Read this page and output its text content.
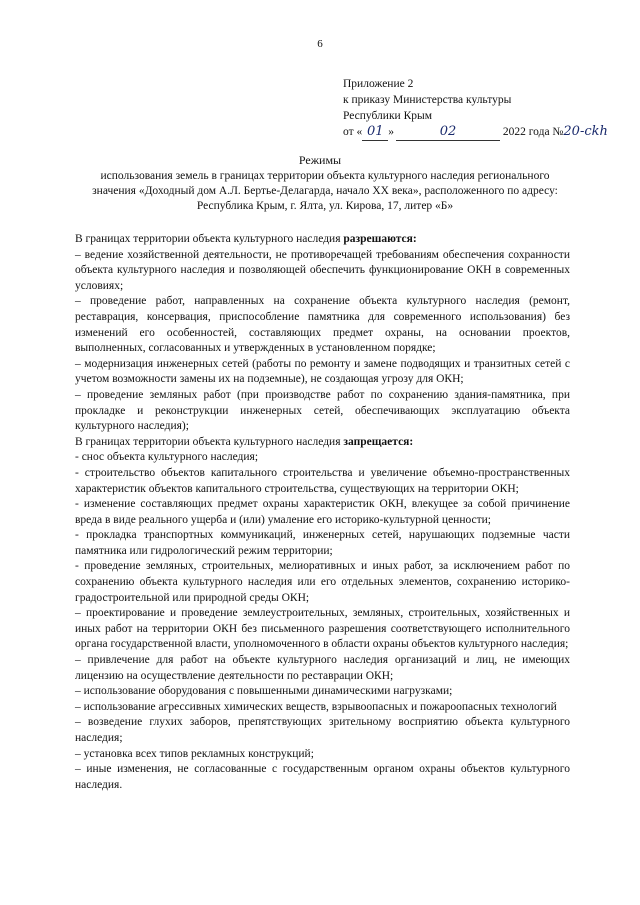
6
Приложение 2
к приказу Министерства культуры
Республики Крым
от « 01 »	02	2022 года №20-ckh
Режимы
использования земель в границах территории объекта культурного наследия регионального значения «Доходный дом А.Л. Бертье-Делагарда, начало XX века», расположенного по адресу: Республика Крым, г. Ялта, ул. Кирова, 17, литер «Б»

В границах территории объекта культурного наследия разрешаются:

– ведение хозяйственной деятельности, не противоречащей требованиям обеспечения сохранности объекта культурного наследия и позволяющей обеспечить функционирование ОКН в современных условиях;

– проведение работ, направленных на сохранение объекта культурного наследия (ремонт, реставрация, консервация, приспособление памятника для современного использования) без изменений его особенностей, составляющих предмет охраны, на основании проектов, выполненных, согласованных и утвержденных в установленном порядке;

– модернизация инженерных сетей (работы по ремонту и замене подводящих и транзитных сетей с учетом возможности замены их на подземные), не создающая угрозу для ОКН;

– проведение земляных работ (при производстве работ по сохранению здания-памятника, при прокладке и реконструкции инженерных сетей, обеспечивающих эксплуатацию объекта культурного наследия);

В границах территории объекта культурного наследия запрещается:

- снос объекта культурного наследия;

- строительство объектов капитального строительства и увеличение объемно-пространственных характеристик объектов капитального строительства, существующих на территории ОКН;

- изменение составляющих предмет охраны характеристик ОКН, влекущее за собой причинение вреда в виде реального ущерба и (или) умаление его историко-культурной ценности;

- прокладка транспортных коммуникаций, инженерных сетей, нарушающих подземные части памятника или гидрологический режим территории;

- проведение земляных, строительных, мелиоративных и иных работ, за исключением работ по сохранению объекта культурного наследия или его отдельных элементов, сохранению историко-градостроительной или природной среды ОКН;

– проектирование и проведение землеустроительных, земляных, строительных, хозяйственных и иных работ на территории ОКН без письменного разрешения соответствующего исполнительного органа государственной власти, уполномоченного в области охраны объектов культурного наследия;

– привлечение для работ на объекте культурного наследия организаций и лиц, не имеющих лицензию на осуществление деятельности по реставрации ОКН;

– использование оборудования с повышенными динамическими нагрузками;

– использование агрессивных химических веществ, взрывоопасных и пожароопасных технологий

– возведение глухих заборов, препятствующих зрительному восприятию объекта культурного наследия;

– установка всех типов рекламных конструкций;

– иные изменения, не согласованные с государственным органом охраны объектов культурного наследия.
